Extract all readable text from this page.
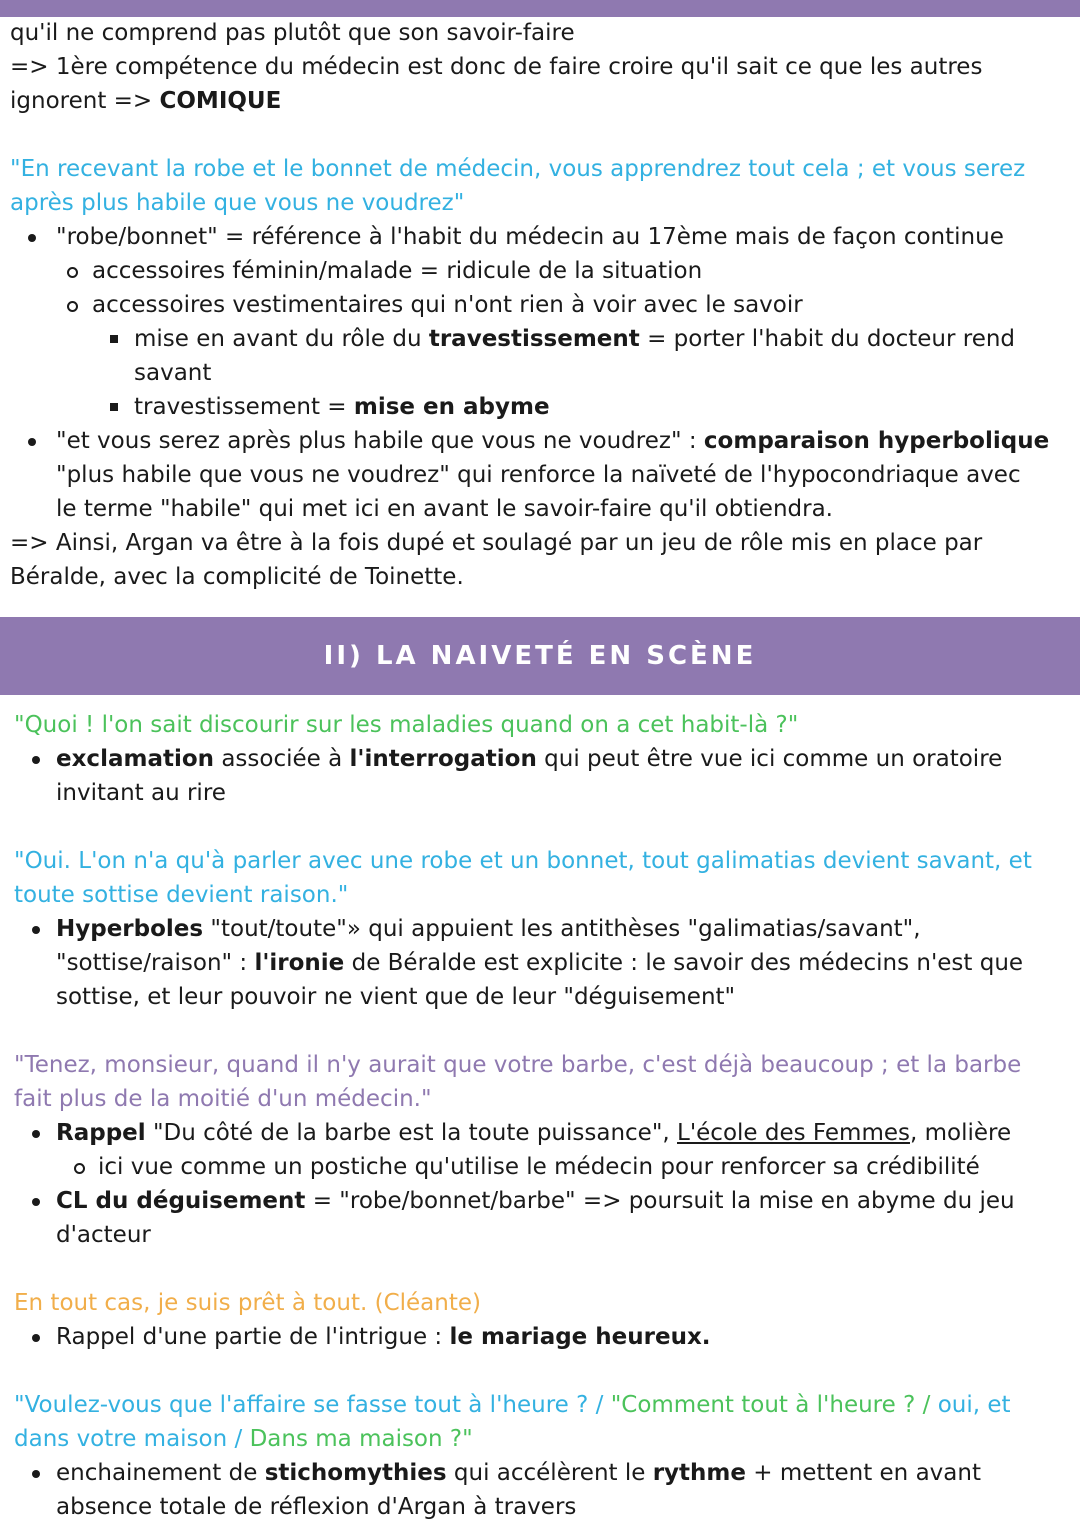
qu'il ne comprend pas plutôt que son savoir-faire
=> 1ère compétence du médecin est donc de faire croire qu'il sait ce que les autres
ignorent => COMIQUE
"En recevant la robe et le bonnet de médecin, vous apprendrez tout cela ; et vous serez
après plus habile que vous ne voudrez"
"robe/bonnet" = référence à l'habit du médecin au 17ème mais de façon continue
accessoires féminin/malade = ridicule de la situation
accessoires vestimentaires qui n'ont rien à voir avec le savoir
mise en avant du rôle du travestissement = porter l'habit du docteur rend
savant
travestissement = mise en abyme
"et vous serez après plus habile que vous ne voudrez" : comparaison hyperbolique
"plus habile que vous ne voudrez" qui renforce la naïveté de l'hypocondriaque avec
le terme "habile" qui met ici en avant le savoir-faire qu'il obtiendra.
=> Ainsi, Argan va être à la fois dupé et soulagé par un jeu de rôle mis en place par
Béralde, avec la complicité de Toinette.
II) LA NAIVETÉ EN SCÈNE
"Quoi ! l'on sait discourir sur les maladies quand on a cet habit-là ?"
exclamation associée à l'interrogation qui peut être vue ici comme un oratoire
invitant au rire
"Oui. L'on n'a qu'à parler avec une robe et un bonnet, tout galimatias devient savant, et
toute sottise devient raison."
Hyperboles "tout/toute"» qui appuient les antithèses "galimatias/savant",
"sottise/raison" : l'ironie de Béralde est explicite : le savoir des médecins n'est que
sottise, et leur pouvoir ne vient que de leur "déguisement"
"Tenez, monsieur, quand il n'y aurait que votre barbe, c'est déjà beaucoup ; et la barbe
fait plus de la moitié d'un médecin."
Rappel "Du côté de la barbe est la toute puissance", L'école des Femmes, molière
ici vue comme un postiche qu'utilise le médecin pour renforcer sa crédibilité
CL du déguisement = "robe/bonnet/barbe" => poursuit la mise en abyme du jeu
d'acteur
En tout cas, je suis prêt à tout. (Cléante)
Rappel d'une partie de l'intrigue : le mariage heureux.
"Voulez-vous que l'affaire se fasse tout à l'heure ? / "Comment tout à l'heure ? / oui, et
dans votre maison / Dans ma maison ?"
enchainement de stichomythies qui accélèrent le rythme + mettent en avant
absence totale de réflexion d'Argan à travers
